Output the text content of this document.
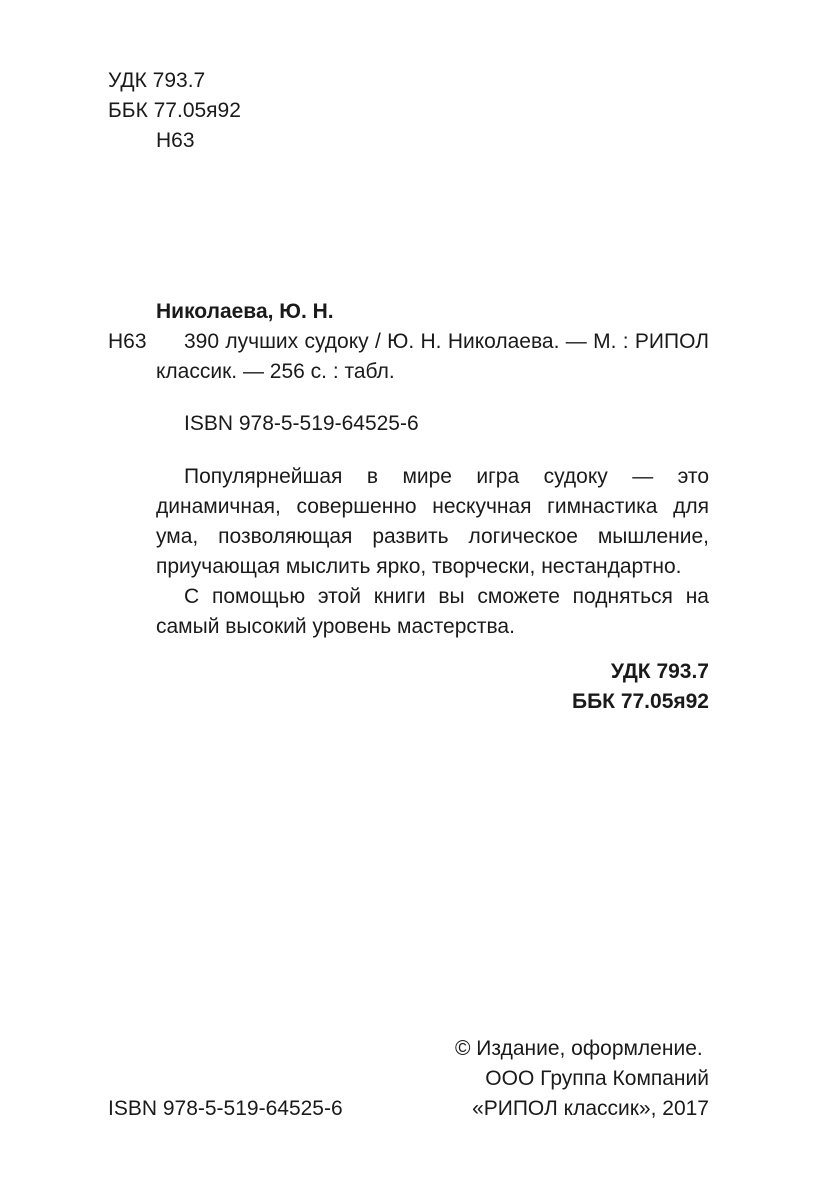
УДК 793.7
ББК 77.05я92
Н63
Николаева, Ю. Н.
Н63 390 лучших судоку / Ю. Н. Николаева. — М. : РИПОЛ
классик. — 256 с. : табл.
ISBN 978-5-519-64525-6
Популярнейшая в мире игра судоку — это динамичная, совершенно нескучная гимнастика для ума, позволяющая развить логическое мышление, приучающая мыслить ярко, творчески, нестандартно.
С помощью этой книги вы сможете подняться на самый высокий уровень мастерства.
УДК 793.7
ББК 77.05я92
ISBN 978-5-519-64525-6
© Издание, оформление.
ООО Группа Компаний
«РИПОЛ классик», 2017
